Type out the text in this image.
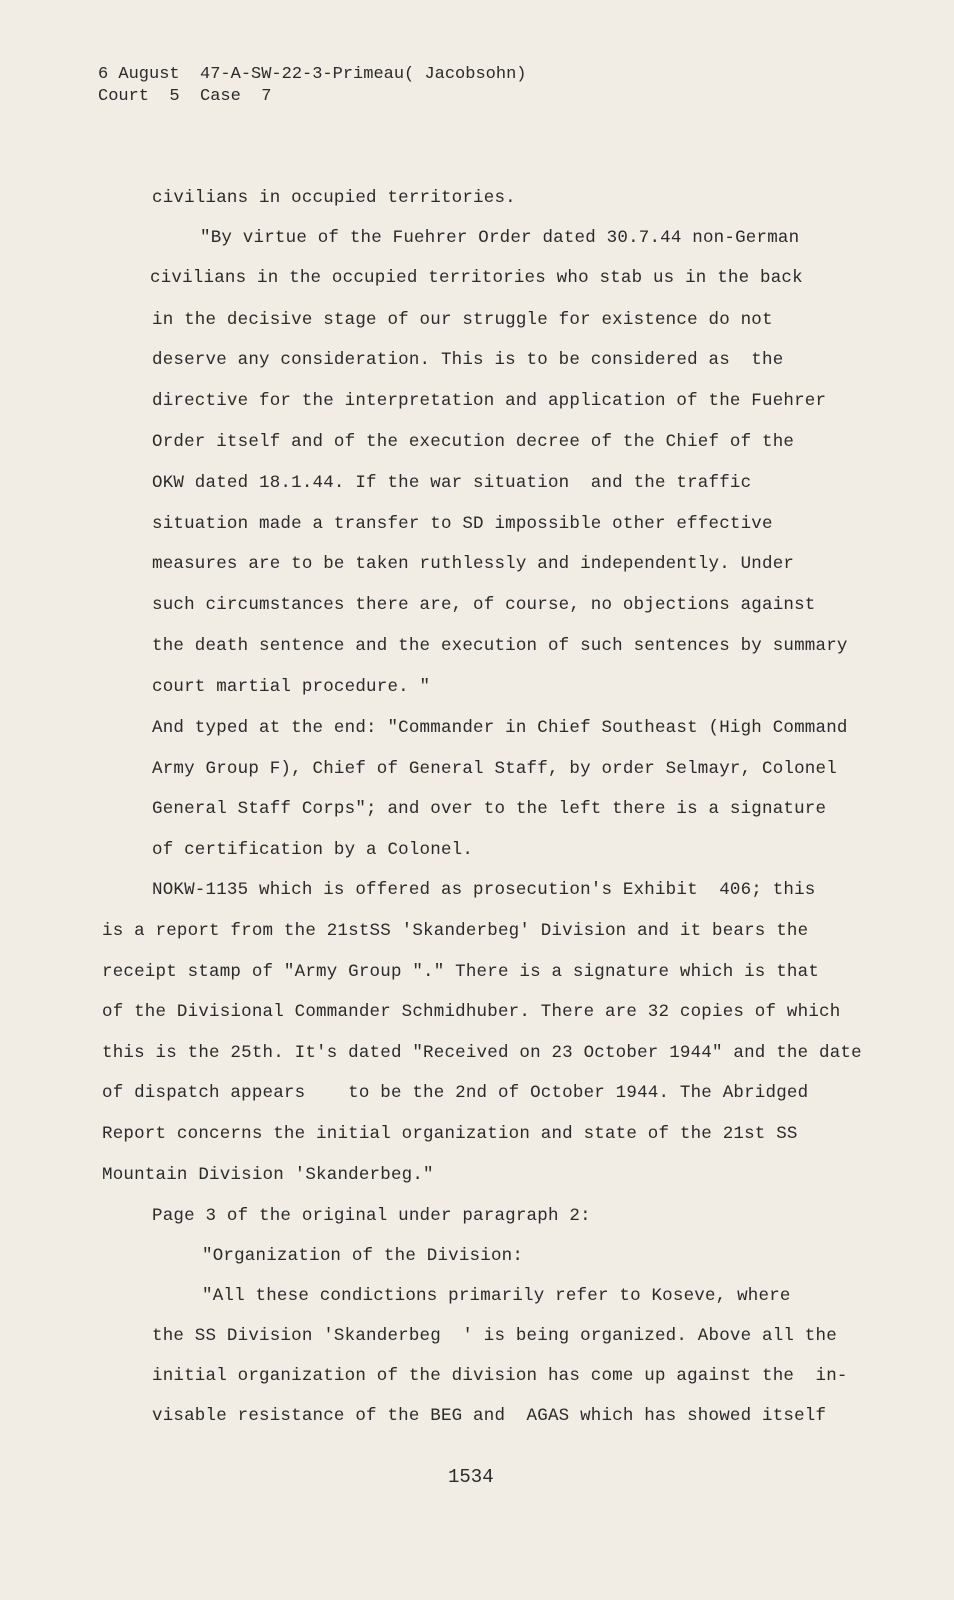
6 August  47-A-SW-22-3-Primeau( Jacobsohn)
Court  5  Case  7
civilians in occupied territories.
"By virtue of the Fuehrer Order dated 30.7.44 non-German
civilians in the occupied territories who stab us in the back
in the decisive stage of our struggle for existence do not
deserve any consideration. This is to be considered as  the
directive for the interpretation and application of the Fuehrer
Order itself and of the execution decree of the Chief of the
OKW dated 18.1.44. If the war situation  and the traffic
situation made a transfer to SD impossible other effective
measures are to be taken ruthlessly and independently. Under
such circumstances there are, of course, no objections against
the death sentence and the execution of such sentences by summary
court martial procedure. "
And typed at the end: "Commander in Chief Southeast (High Command
Army Group F), Chief of General Staff, by order Selmayr, Colonel
General Staff Corps"; and over to the left there is a signature
of certification by a Colonel.
NOKW-1135 which is offered as prosecution's Exhibit  406; this
is a report from the 21stSS 'Skanderbeg' Division and it bears the
receipt stamp of "Army Group "." There is a signature which is that
of the Divisional Commander Schmidhuber. There are 32 copies of which
this is the 25th. It's dated "Received on 23 October 1944" and the date
of dispatch appears    to be the 2nd of October 1944. The Abridged
Report concerns the initial organization and state of the 21st SS
Mountain Division 'Skanderbeg."
Page 3 of the original under paragraph 2:
"Organization of the Division:
"All these condictions primarily refer to Koseve, where
the SS Division 'Skanderbeg  ' is being organized. Above all the
initial organization of the division has come up against the  in-
visable resistance of the BEG and  AGAS which has showed itself
1534
